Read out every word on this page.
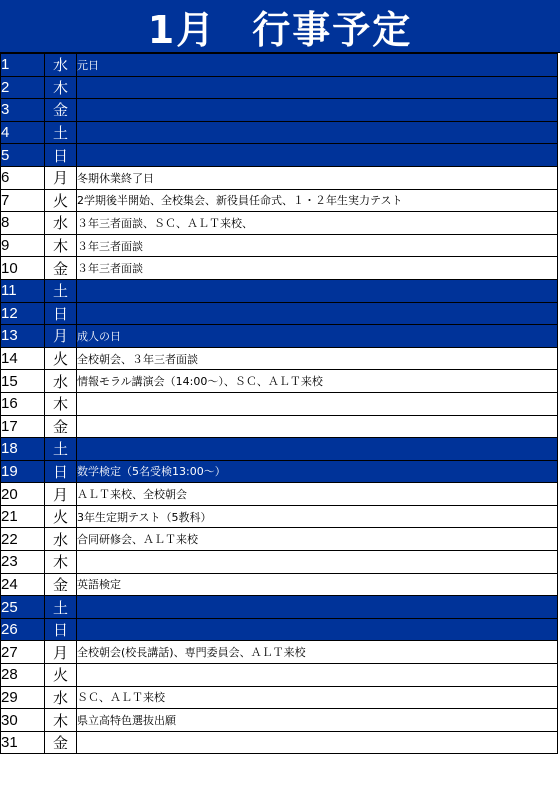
1月 行事予定
1	水	元日
2	木	
3	金	
4	土	
5	日	
6	月	冬期休業終了日
7	火	2学期後半開始、全校集会、新役員任命式、１・２年生実力テスト
8	水	３年三者面談、ＳＣ、ＡＬＴ来校、
9	木	３年三者面談
10	金	３年三者面談
11	土	
12	日	
13	月	成人の日
14	火	全校朝会、３年三者面談
15	水	情報モラル講演会（14:00～）、ＳＣ、ＡＬＴ来校
16	木	
17	金	
18	土	
19	日	数学検定（5名受検13:00～）
20	月	ＡＬＴ来校、全校朝会
21	火	3年生定期テスト（5教科）
22	水	合同研修会、ＡＬＴ来校
23	木	
24	金	英語検定
25	土	
26	日	
27	月	全校朝会(校長講話)、専門委員会、ＡＬＴ来校
28	火	
29	水	ＳＣ、ＡＬＴ来校
30	木	県立高特色選抜出願
31	金	
